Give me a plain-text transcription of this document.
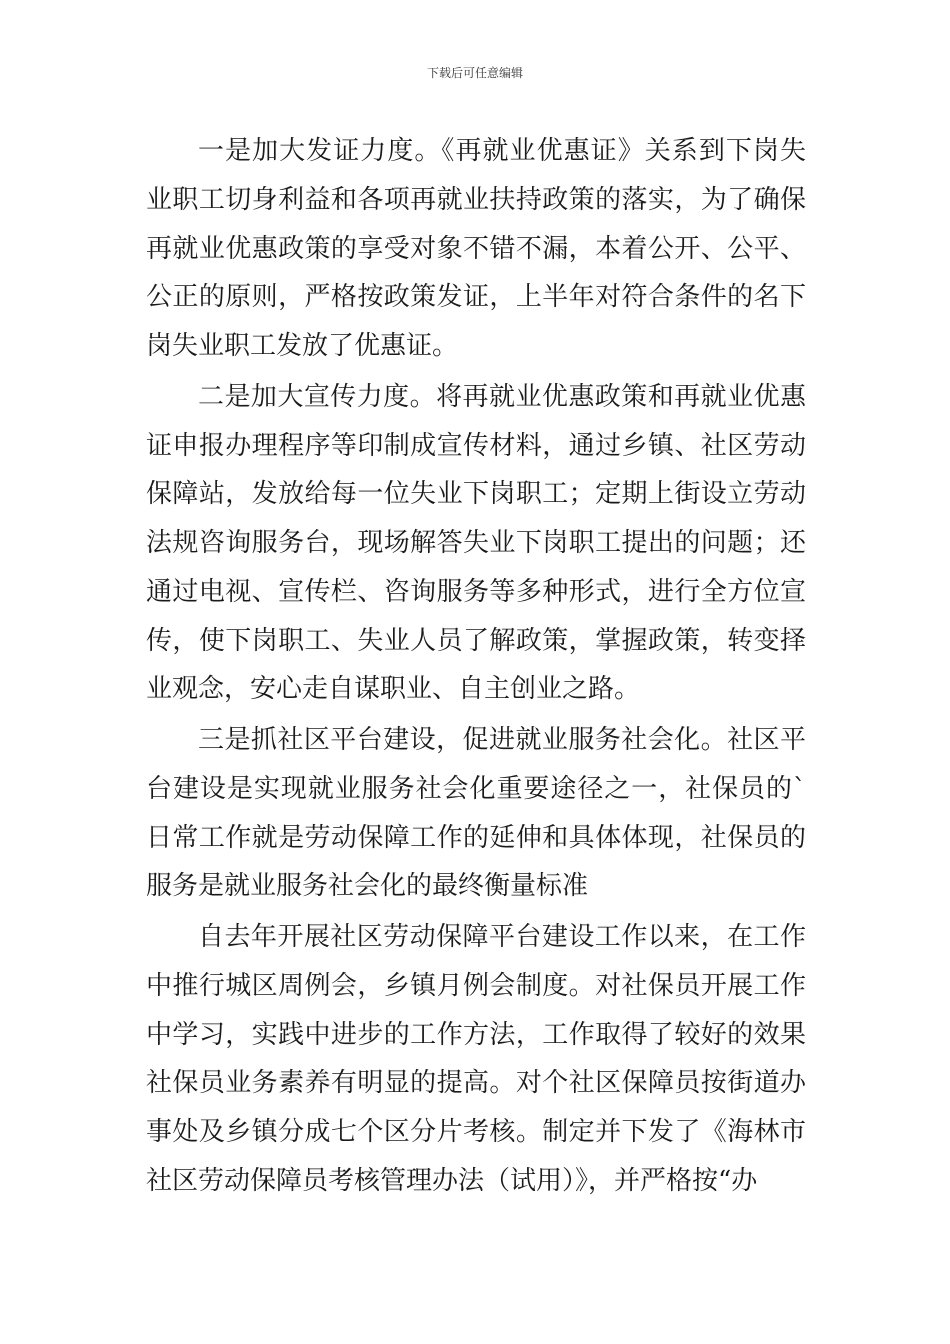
下载后可任意编辑

一是加大发证力度。《再就业优惠证》关系到下岗失业职工切身利益和各项再就业扶持政策的落实，为了确保再就业优惠政策的享受对象不错不漏，本着公开、公平、公正的原则，严格按政策发证，上半年对符合条件的名下岗失业职工发放了优惠证。

二是加大宣传力度。将再就业优惠政策和再就业优惠证申报办理程序等印制成宣传材料，通过乡镇、社区劳动保障站，发放给每一位失业下岗职工；定期上街设立劳动法规咨询服务台，现场解答失业下岗职工提出的问题；还通过电视、宣传栏、咨询服务等多种形式，进行全方位宣传，使下岗职工、失业人员了解政策，掌握政策，转变择业观念，安心走自谋职业、自主创业之路。

三是抓社区平台建设，促进就业服务社会化。社区平台建设是实现就业服务社会化重要途径之一，社保员的`日常工作就是劳动保障工作的延伸和具体体现，社保员的服务是就业服务社会化的最终衡量标准

自去年开展社区劳动保障平台建设工作以来，在工作中推行城区周例会，乡镇月例会制度。对社保员开展工作中学习，实践中进步的工作方法，工作取得了较好的效果社保员业务素养有明显的提高。对个社区保障员按街道办事处及乡镇分成七个区分片考核。制定并下发了《海林市社区劳动保障员考核管理办法（试用）》，并严格按“办
